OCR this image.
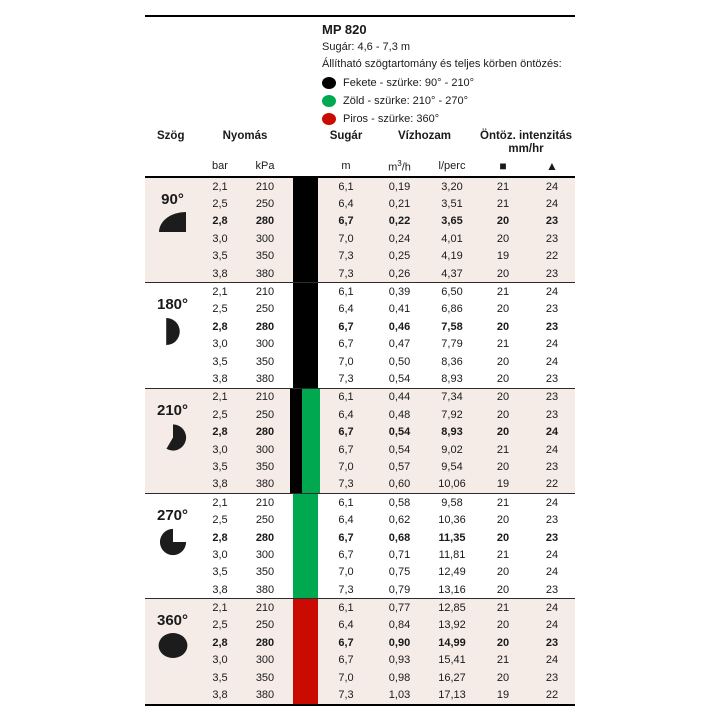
MP 820
Sugár: 4,6 - 7,3 m
Állítható szögtartomány és teljes körben öntözés:
Fekete - szürke: 90° - 210°
Zöld - szürke: 210° - 270°
Piros - szürke: 360°
Szög	Nyomás	Sugár	Vízhozam	Öntöz. intenzitás
mm/hr
bar	kPa	m	$m^3/h$	l/perc	■	▲
90°
2,1	210	6,1	0,19	3,20	21	24
2,5	250	6,4	0,21	3,51	21	24
2,8	280	6,7	0,22	3,65	20	23
3,0	300	7,0	0,24	4,01	20	23
3,5	350	7,3	0,25	4,19	19	22
3,8	380	7,3	0,26	4,37	20	23
180°
2,1	210	6,1	0,39	6,50	21	24
2,5	250	6,4	0,41	6,86	20	23
2,8	280	6,7	0,46	7,58	20	23
3,0	300	6,7	0,47	7,79	21	24
3,5	350	7,0	0,50	8,36	20	24
3,8	380	7,3	0,54	8,93	20	23
210°
2,1	210	6,1	0,44	7,34	20	23
2,5	250	6,4	0,48	7,92	20	23
2,8	280	6,7	0,54	8,93	20	24
3,0	300	6,7	0,54	9,02	21	24
3,5	350	7,0	0,57	9,54	20	23
3,8	380	7,3	0,60	10,06	19	22
270°
2,1	210	6,1	0,58	9,58	21	24
2,5	250	6,4	0,62	10,36	20	23
2,8	280	6,7	0,68	11,35	20	23
3,0	300	6,7	0,71	11,81	21	24
3,5	350	7,0	0,75	12,49	20	24
3,8	380	7,3	0,79	13,16	20	23
360°
2,1	210	6,1	0,77	12,85	21	24
2,5	250	6,4	0,84	13,92	20	24
2,8	280	6,7	0,90	14,99	20	23
3,0	300	6,7	0,93	15,41	21	24
3,5	350	7,0	0,98	16,27	20	23
3,8	380	7,3	1,03	17,13	19	22
